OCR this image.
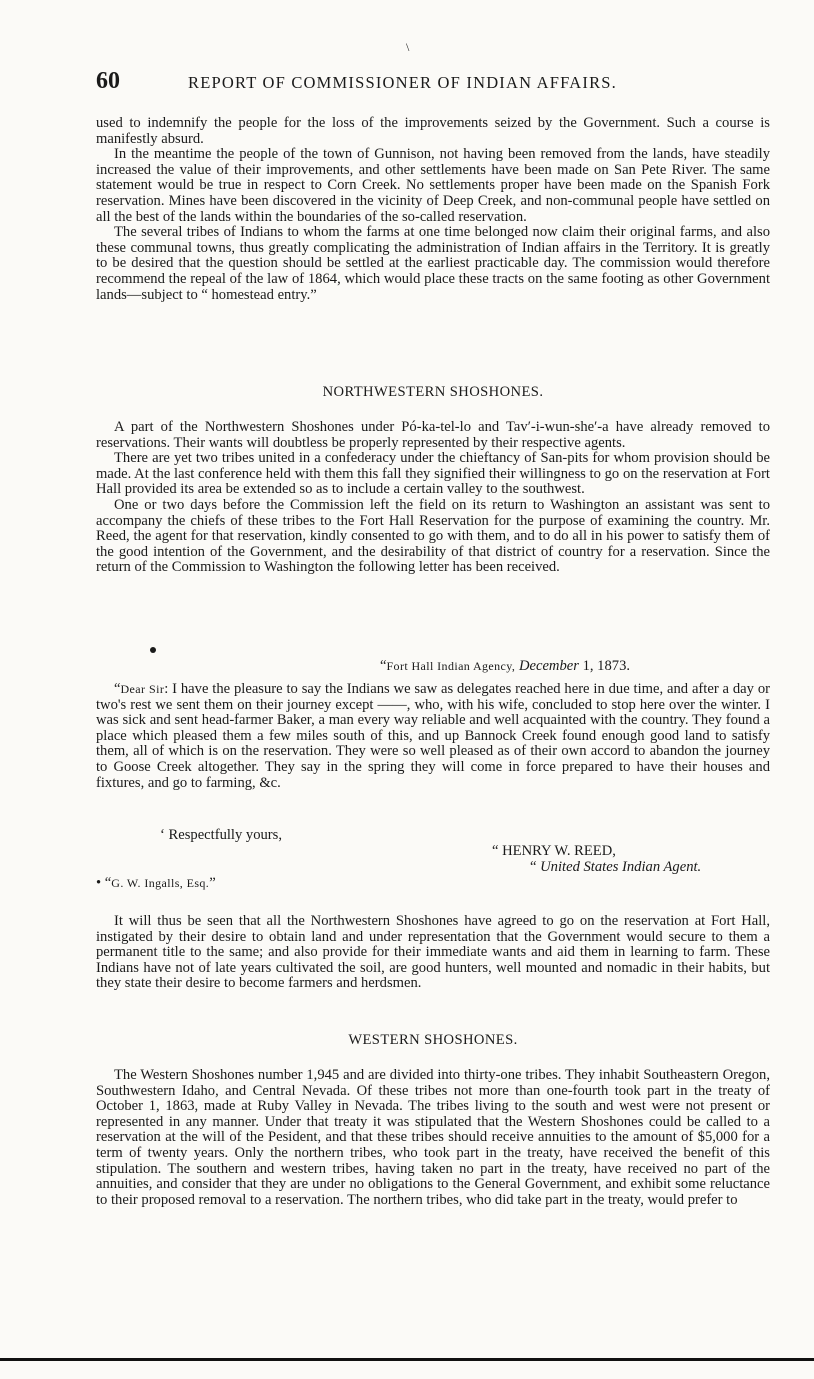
\
60	REPORT OF COMMISSIONER OF INDIAN AFFAIRS.

used to indemnify the people for the loss of the improvements seized by the Government. Such a course is manifestly absurd.

In the meantime the people of the town of Gunnison, not having been removed from the lands, have steadily increased the value of their improvements, and other settlements have been made on San Pete River. The same statement would be true in respect to Corn Creek. No settlements proper have been made on the Spanish Fork reservation. Mines have been discovered in the vicinity of Deep Creek, and non-communal people have settled on all the best of the lands within the boundaries of the so-called reservation.

The several tribes of Indians to whom the farms at one time belonged now claim their original farms, and also these communal towns, thus greatly complicating the administration of Indian affairs in the Territory. It is greatly to be desired that the question should be settled at the earliest practicable day. The commission would therefore recommend the repeal of the law of 1864, which would place these tracts on the same footing as other Government lands—subject to “ homestead entry.”

NORTHWESTERN SHOSHONES.

A part of the Northwestern Shoshones under Pó-ka-tel-lo and Tav′-i-wun-she′-a have already removed to reservations. Their wants will doubtless be properly represented by their respective agents.

There are yet two tribes united in a confederacy under the chieftancy of San-pits for whom provision should be made. At the last conference held with them this fall they signified their willingness to go on the reservation at Fort Hall provided its area be extended so as to include a certain valley to the southwest.

One or two days before the Commission left the field on its return to Washington an assistant was sent to accompany the chiefs of these tribes to the Fort Hall Reservation for the purpose of examining the country. Mr. Reed, the agent for that reservation, kindly consented to go with them, and to do all in his power to satisfy them of the good intention of the Government, and the desirability of that district of country for a reservation. Since the return of the Commission to Washington the following letter has been received.

“Fort Hall Indian Agency, December 1, 1873.

“Dear Sir: I have the pleasure to say the Indians we saw as delegates reached here in due time, and after a day or two's rest we sent them on their journey except ——, who, with his wife, concluded to stop here over the winter. I was sick and sent head-farmer Baker, a man every way reliable and well acquainted with the country. They found a place which pleased them a few miles south of this, and up Bannock Creek found enough good land to satisfy them, all of which is on the reservation. They were so well pleased as of their own accord to abandon the journey to Goose Creek altogether. They say in the spring they will come in force prepared to have their houses and fixtures, and go to farming, &c.

‘ Respectfully yours,
“ HENRY W. REED,
“ United States Indian Agent.
• “G. W. Ingalls, Esq.”

It will thus be seen that all the Northwestern Shoshones have agreed to go on the reservation at Fort Hall, instigated by their desire to obtain land and under representation that the Government would secure to them a permanent title to the same; and also provide for their immediate wants and aid them in learning to farm. These Indians have not of late years cultivated the soil, are good hunters, well mounted and nomadic in their habits, but they state their desire to become farmers and herdsmen.

WESTERN SHOSHONES.

The Western Shoshones number 1,945 and are divided into thirty-one tribes. They inhabit Southeastern Oregon, Southwestern Idaho, and Central Nevada. Of these tribes not more than one-fourth took part in the treaty of October 1, 1863, made at Ruby Valley in Nevada. The tribes living to the south and west were not present or represented in any manner. Under that treaty it was stipulated that the Western Shoshones could be called to a reservation at the will of the Pesident, and that these tribes should receive annuities to the amount of $5,000 for a term of twenty years. Only the northern tribes, who took part in the treaty, have received the benefit of this stipulation. The southern and western tribes, having taken no part in the treaty, have received no part of the annuities, and consider that they are under no obligations to the General Government, and exhibit some reluctance to their proposed removal to a reservation. The northern tribes, who did take part in the treaty, would prefer to
